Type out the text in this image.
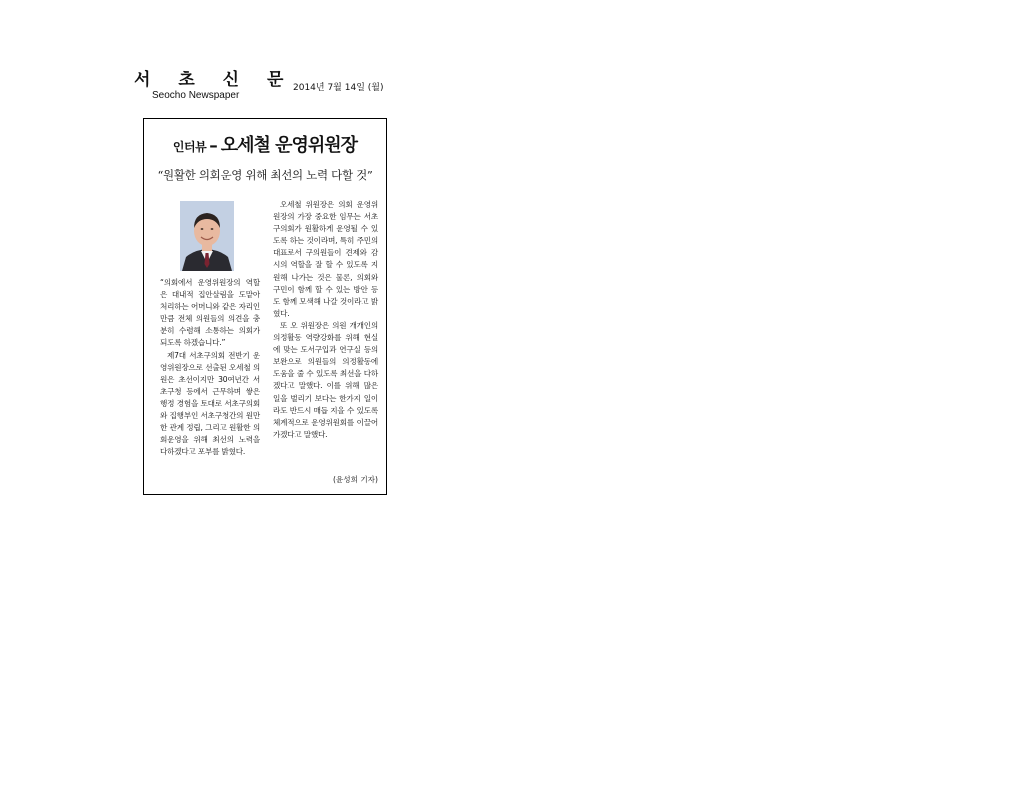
서 초 신 문
Seocho Newspaper
2014년 7월 14일 (월)
인터뷰 – 오세철 운영위원장
“원활한 의회운영 위해 최선의 노력 다할 것”

“의회에서 운영위원장의 역할은 대내적 집안살림을 도맡아 처리하는 어머니와 같은 자리인 만큼 전체 의원들의 의견을 충분히 수렴해 소통하는 의회가 되도록 하겠습니다.”

제7대 서초구의회 전반기 운영위원장으로 선출된 오세철 의원은 초선이지만 30여년간 서초구청 등에서 근무하며 쌓은 행정 경험을 토대로 서초구의회와 집행부인 서초구청간의 원만한 관계 정립, 그리고 원활한 의회운영을 위해 최선의 노력을 다하겠다고 포부를 밝혔다.

오세철 위원장은 의회 운영위원장의 가장 중요한 임무는 서초구의회가 원활하게 운영될 수 있도록 하는 것이라며, 특히 주민의 대표로서 구의원들이 견제와 감시의 역할을 잘 할 수 있도록 지원해 나가는 것은 물론, 의회와 구민이 함께 할 수 있는 방안 등도 함께 모색해 나갈 것이라고 밝혔다.

또 오 위원장은 의원 개개인의 의정활동 역량강화를 위해 현실에 맞는 도서구입과 연구실 등의 보완으로 의원들의 의정활동에 도움을 줄 수 있도록 최선을 다하겠다고 말했다. 이를 위해 많은 일을 벌리기 보다는 한가지 일이라도 반드시 매듭 지을 수 있도록 체계적으로 운영위원회를 이끌어 가겠다고 말했다.

(윤성희 기자)
